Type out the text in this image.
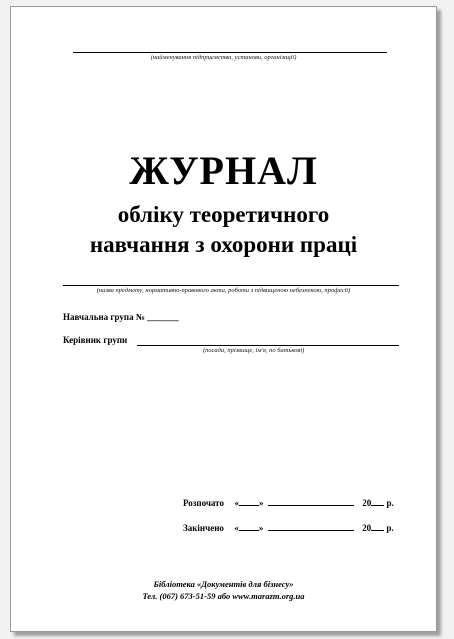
(найменування підприємства, установи, організації)
ЖУРНАЛ
обліку теоретичного
навчання з охорони праці
(назва предмету, нормативно-правового акта, роботи з підвищеною небезпекою, професії)
Навчальна група № _______
Керівник групи
(посада, прізвище, ім'я, по батькові)
Розпочато « »	20 р.
Закінчено « »	20 р.
Бібліотека «Документів для бізнесу»
Тел. (067) 673-51-59 або www.marazm.org.ua
